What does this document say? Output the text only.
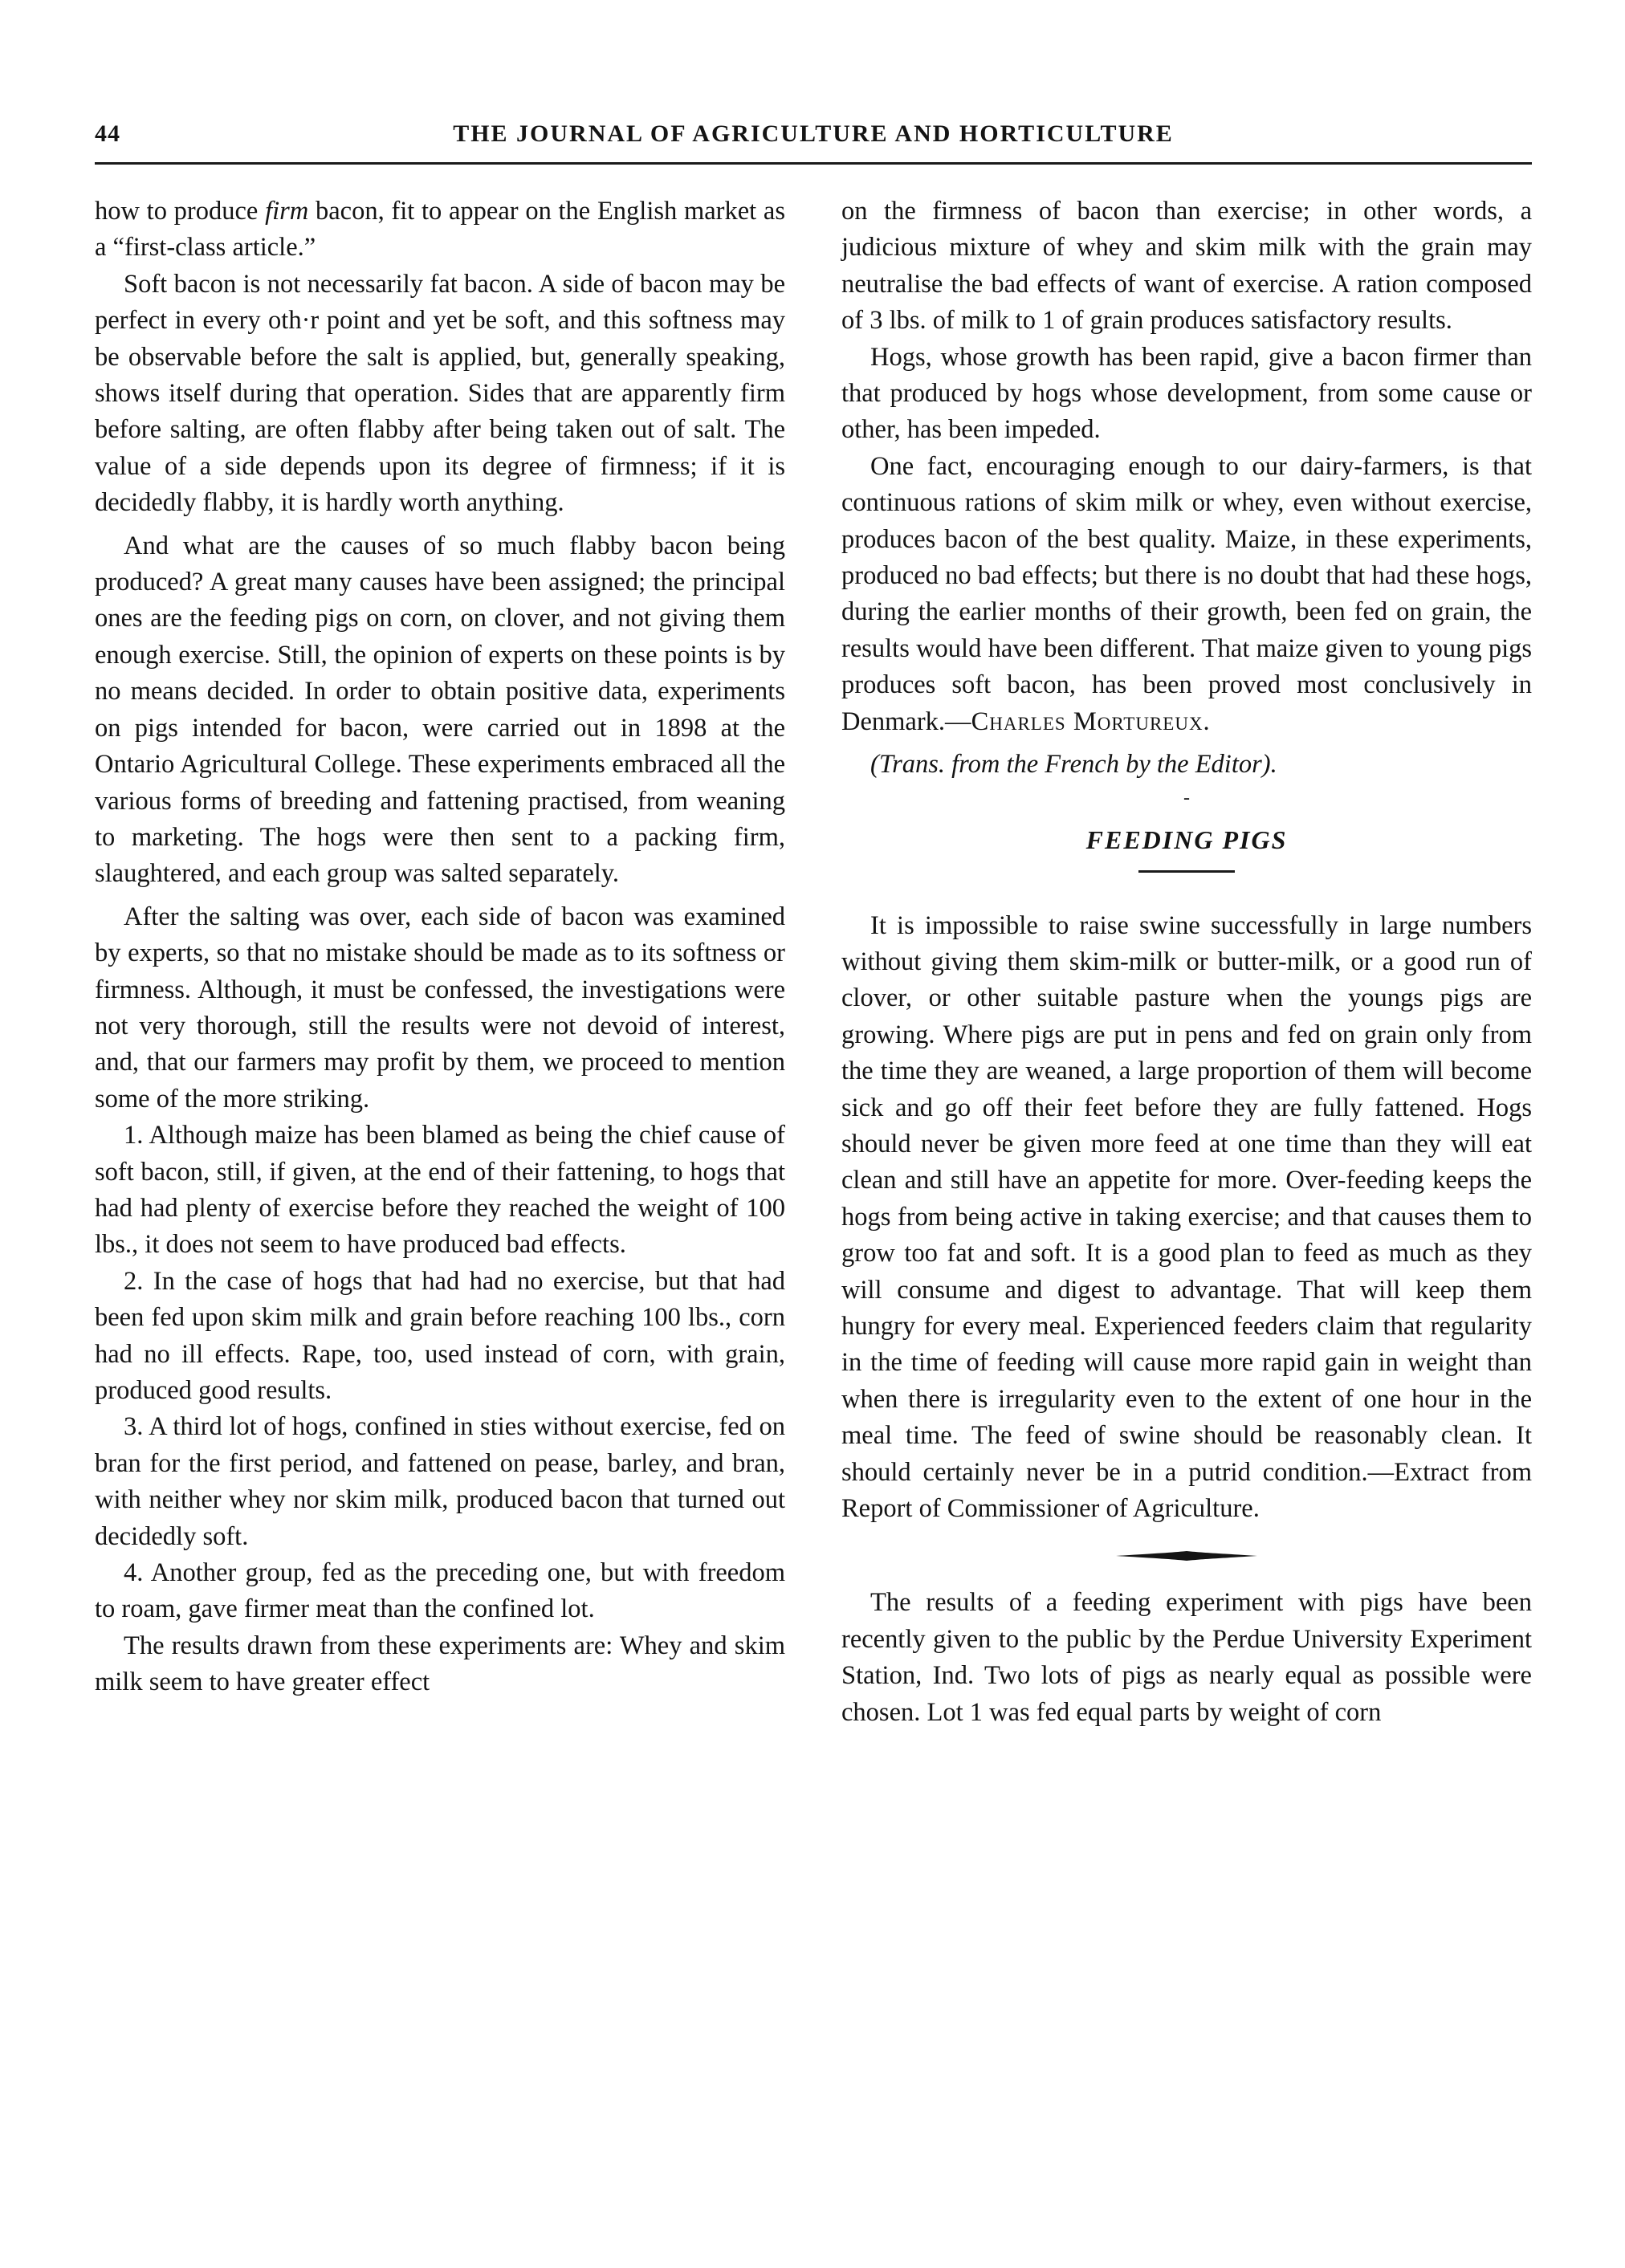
44	THE JOURNAL OF AGRICULTURE AND HORTICULTURE

how to produce firm bacon, fit to appear on the English market as a “first-class article.”

Soft bacon is not necessarily fat bacon. A side of bacon may be perfect in every oth·r point and yet be soft, and this softness may be observable before the salt is applied, but, generally speaking, shows itself during that operation. Sides that are apparently firm before salting, are often flabby after being taken out of salt. The value of a side depends upon its degree of firmness; if it is decidedly flabby, it is hardly worth anything.

And what are the causes of so much flabby bacon being produced? A great many causes have been assigned; the principal ones are the feeding pigs on corn, on clover, and not giving them enough exercise. Still, the opinion of experts on these points is by no means decided. In order to obtain positive data, experiments on pigs intended for bacon, were carried out in 1898 at the Ontario Agricultural College. These experiments embraced all the various forms of breeding and fattening practised, from weaning to marketing. The hogs were then sent to a packing firm, slaughtered, and each group was salted separately.

After the salting was over, each side of bacon was examined by experts, so that no mistake should be made as to its softness or firmness. Although, it must be confessed, the investigations were not very thorough, still the results were not devoid of interest, and, that our farmers may profit by them, we proceed to mention some of the more striking.

1. Although maize has been blamed as being the chief cause of soft bacon, still, if given, at the end of their fattening, to hogs that had had plenty of exercise before they reached the weight of 100 lbs., it does not seem to have produced bad effects.

2. In the case of hogs that had had no exercise, but that had been fed upon skim milk and grain before reaching 100 lbs., corn had no ill effects. Rape, too, used instead of corn, with grain, produced good results.

3. A third lot of hogs, confined in sties without exercise, fed on bran for the first period, and fattened on pease, barley, and bran, with neither whey nor skim milk, produced bacon that turned out decidedly soft.

4. Another group, fed as the preceding one, but with freedom to roam, gave firmer meat than the confined lot.

The results drawn from these experiments are: Whey and skim milk seem to have greater effect

on the firmness of bacon than exercise; in other words, a judicious mixture of whey and skim milk with the grain may neutralise the bad effects of want of exercise. A ration composed of 3 lbs. of milk to 1 of grain produces satisfactory results.

Hogs, whose growth has been rapid, give a bacon firmer than that produced by hogs whose development, from some cause or other, has been impeded.

One fact, encouraging enough to our dairy-farmers, is that continuous rations of skim milk or whey, even without exercise, produces bacon of the best quality. Maize, in these experiments, produced no bad effects; but there is no doubt that had these hogs, during the earlier months of their growth, been fed on grain, the results would have been different. That maize given to young pigs produces soft bacon, has been proved most conclusively in Denmark.—Charles Mortureux.

(Trans. from the French by the Editor).

-
FEEDING PIGS

It is impossible to raise swine successfully in large numbers without giving them skim-milk or butter-milk, or a good run of clover, or other suitable pasture when the youngs pigs are growing. Where pigs are put in pens and fed on grain only from the time they are weaned, a large proportion of them will become sick and go off their feet before they are fully fattened. Hogs should never be given more feed at one time than they will eat clean and still have an appetite for more. Over-feeding keeps the hogs from being active in taking exercise; and that causes them to grow too fat and soft. It is a good plan to feed as much as they will consume and digest to advantage. That will keep them hungry for every meal. Experienced feeders claim that regularity in the time of feeding will cause more rapid gain in weight than when there is irregularity even to the extent of one hour in the meal time. The feed of swine should be reasonably clean. It should certainly never be in a putrid condition.—Extract from Report of Commissioner of Agriculture.

The results of a feeding experiment with pigs have been recently given to the public by the Perdue University Experiment Station, Ind. Two lots of pigs as nearly equal as possible were chosen. Lot 1 was fed equal parts by weight of corn
